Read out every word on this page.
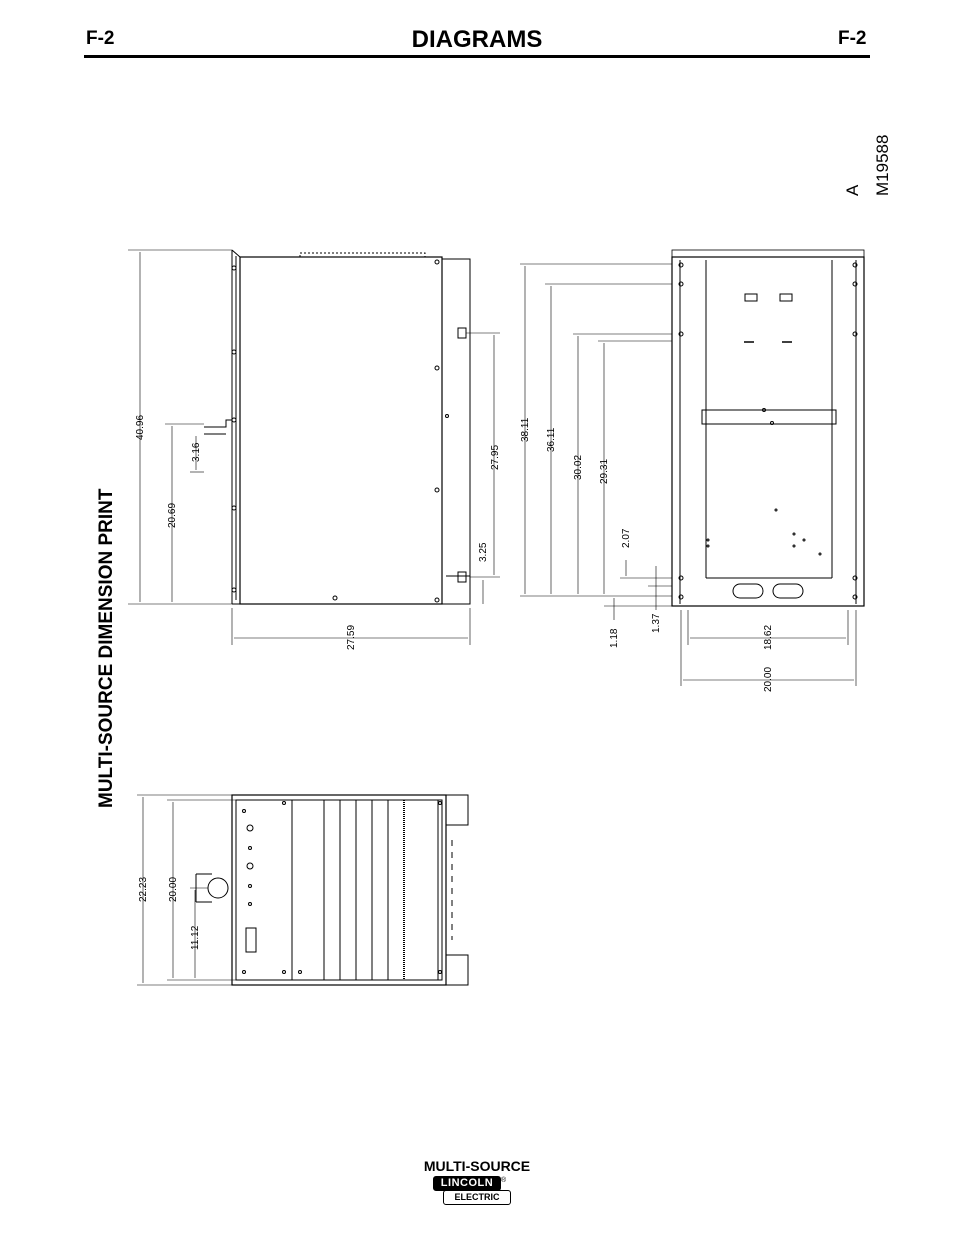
F-2	DIAGRAMS	F-2
MULTI-SOURCE DIMENSION PRINT
A M19588
40.96
20.69
3.16	27.95
3.25
27.59
38.11 36.11
30.02 29.31
2.07
1.18
1.37
18.62
20.00
22.23 20.00
11.12
MULTI-SOURCE
LINCOLN
ELECTRIC
®
